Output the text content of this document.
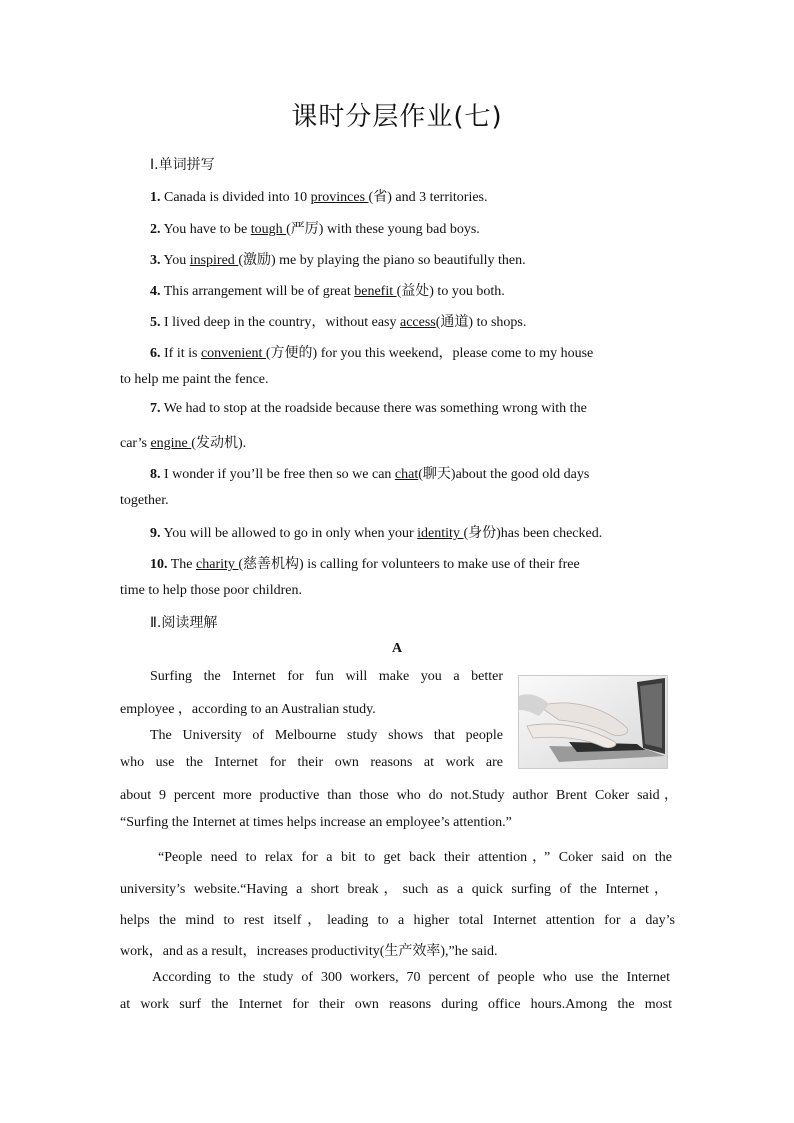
课时分层作业(七)
Ⅰ.单词拼写
1. Canada is divided into 10 provinces (省) and 3 territories.
2. You have to be tough (严厉) with these young bad boys.
3. You inspired (激励) me by playing the piano so beautifully then.
4. This arrangement will be of great benefit (益处) to you both.
5. I lived deep in the country，without easy access(通道) to shops.
6. If it is convenient (方便的) for you this weekend，please come to my house
to help me paint the fence.
7. We had to stop at the roadside because there was something wrong with the
car’s engine (发动机).
8. I wonder if you’ll be free then so we can chat(聊天)about the good old days
together.
9. You will be allowed to go in only when your identity (身份)has been checked.
10. The charity (慈善机构) is calling for volunteers to make use of their free
time to help those poor children.
Ⅱ.阅读理解
A
Surfing the Internet for fun will make you a better
employee ，according to an Australian study.
The University of Melbourne study shows that people
who use the Internet for their own reasons at work are
about 9 percent more productive than those who do not.Study author Brent Coker said，
“Surfing the Internet at times helps increase an employee’s attention.”
“People need to relax for a bit to get back their attention，” Coker said on the
university’s website.“Having a short break，such as a quick surfing of the Internet，
helps the mind to rest itself，leading to a higher total Internet attention for a day’s
work，and as a result，increases productivity(生产效率),”he said.
According to the study of 300 workers, 70 percent of people who use the Internet
at work surf the Internet for their own reasons during office hours.Among the most
